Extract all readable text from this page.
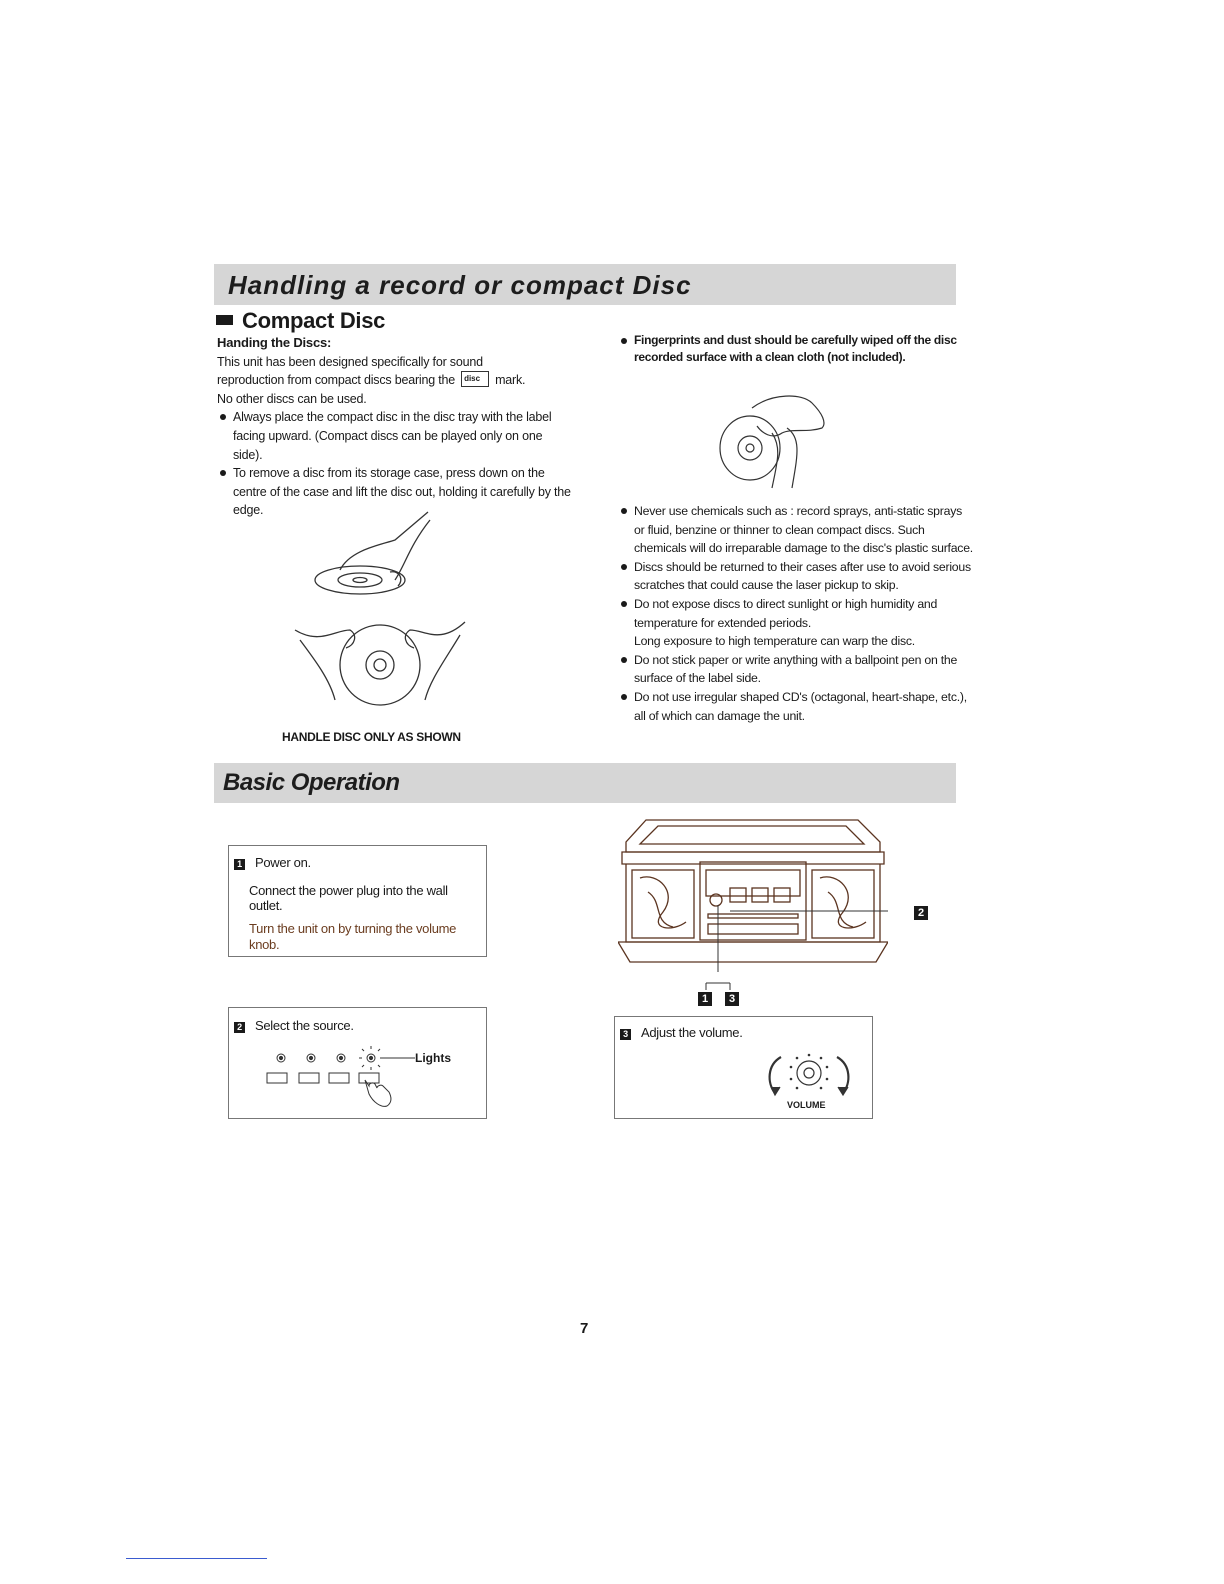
Handling a record or compact Disc
Compact Disc
Handing the Discs:
This unit has been designed specifically for sound
reproduction from compact discs bearing the disc mark.
No other discs can be used.
Always place the compact disc in the disc tray with the label facing upward. (Compact discs can be played only on one side).
To remove a disc from its storage case, press down on the centre of the case and lift the disc out, holding it carefully by the edge.
HANDLE DISC ONLY AS SHOWN
Fingerprints and dust should be carefully wiped off the disc recorded surface with a clean cloth (not included).
Never use chemicals such as : record sprays, anti-static sprays or fluid, benzine or thinner to clean compact discs. Such chemicals will do irreparable damage to the disc's plastic surface.
Discs should be returned to their cases after use to avoid serious scratches that could cause the laser pickup to skip.
Do not expose discs to direct sunlight or high humidity and temperature for extended periods.
Long exposure to high temperature can warp the disc.
Do not stick paper or write anything with a ballpoint pen on the surface of the label side.
Do not use irregular shaped CD's (octagonal, heart-shape, etc.), all of which can damage the unit.
Basic Operation
1 Power on.
Connect the power plug into the wall outlet.
Turn the unit on by turning the volume knob.
2 Select the source.
Lights
2
1	3
3 Adjust the volume.
VOLUME
7
